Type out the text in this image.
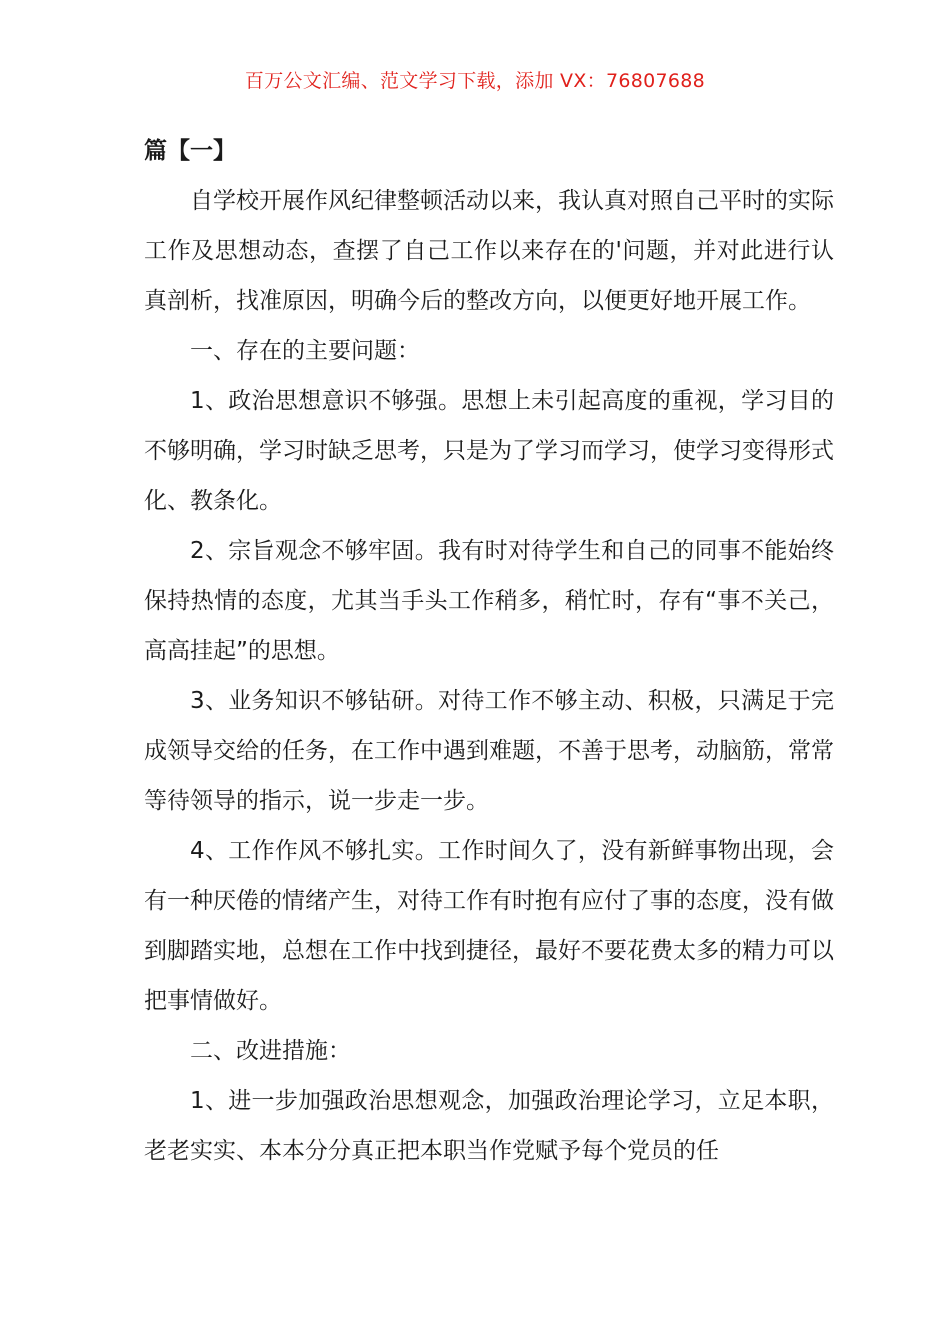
百万公文汇编、范文学习下载，添加 VX：76807688

篇【一】

自学校开展作风纪律整顿活动以来，我认真对照自己平时的实际工作及思想动态，查摆了自己工作以来存在的'问题，并对此进行认真剖析，找准原因，明确今后的整改方向，以便更好地开展工作。

一、存在的主要问题：

1、政治思想意识不够强。思想上未引起高度的重视，学习目的不够明确，学习时缺乏思考，只是为了学习而学习，使学习变得形式化、教条化。

2、宗旨观念不够牢固。我有时对待学生和自己的同事不能始终保持热情的态度，尤其当手头工作稍多，稍忙时，存有“事不关己，高高挂起”的思想。

3、业务知识不够钻研。对待工作不够主动、积极，只满足于完成领导交给的任务，在工作中遇到难题，不善于思考，动脑筋，常常等待领导的指示，说一步走一步。

4、工作作风不够扎实。工作时间久了，没有新鲜事物出现，会有一种厌倦的情绪产生，对待工作有时抱有应付了事的态度，没有做到脚踏实地，总想在工作中找到捷径，最好不要花费太多的精力可以把事情做好。

二、改进措施：

1、进一步加强政治思想观念，加强政治理论学习，立足本职，老老实实、本本分分真正把本职当作党赋予每个党员的任
